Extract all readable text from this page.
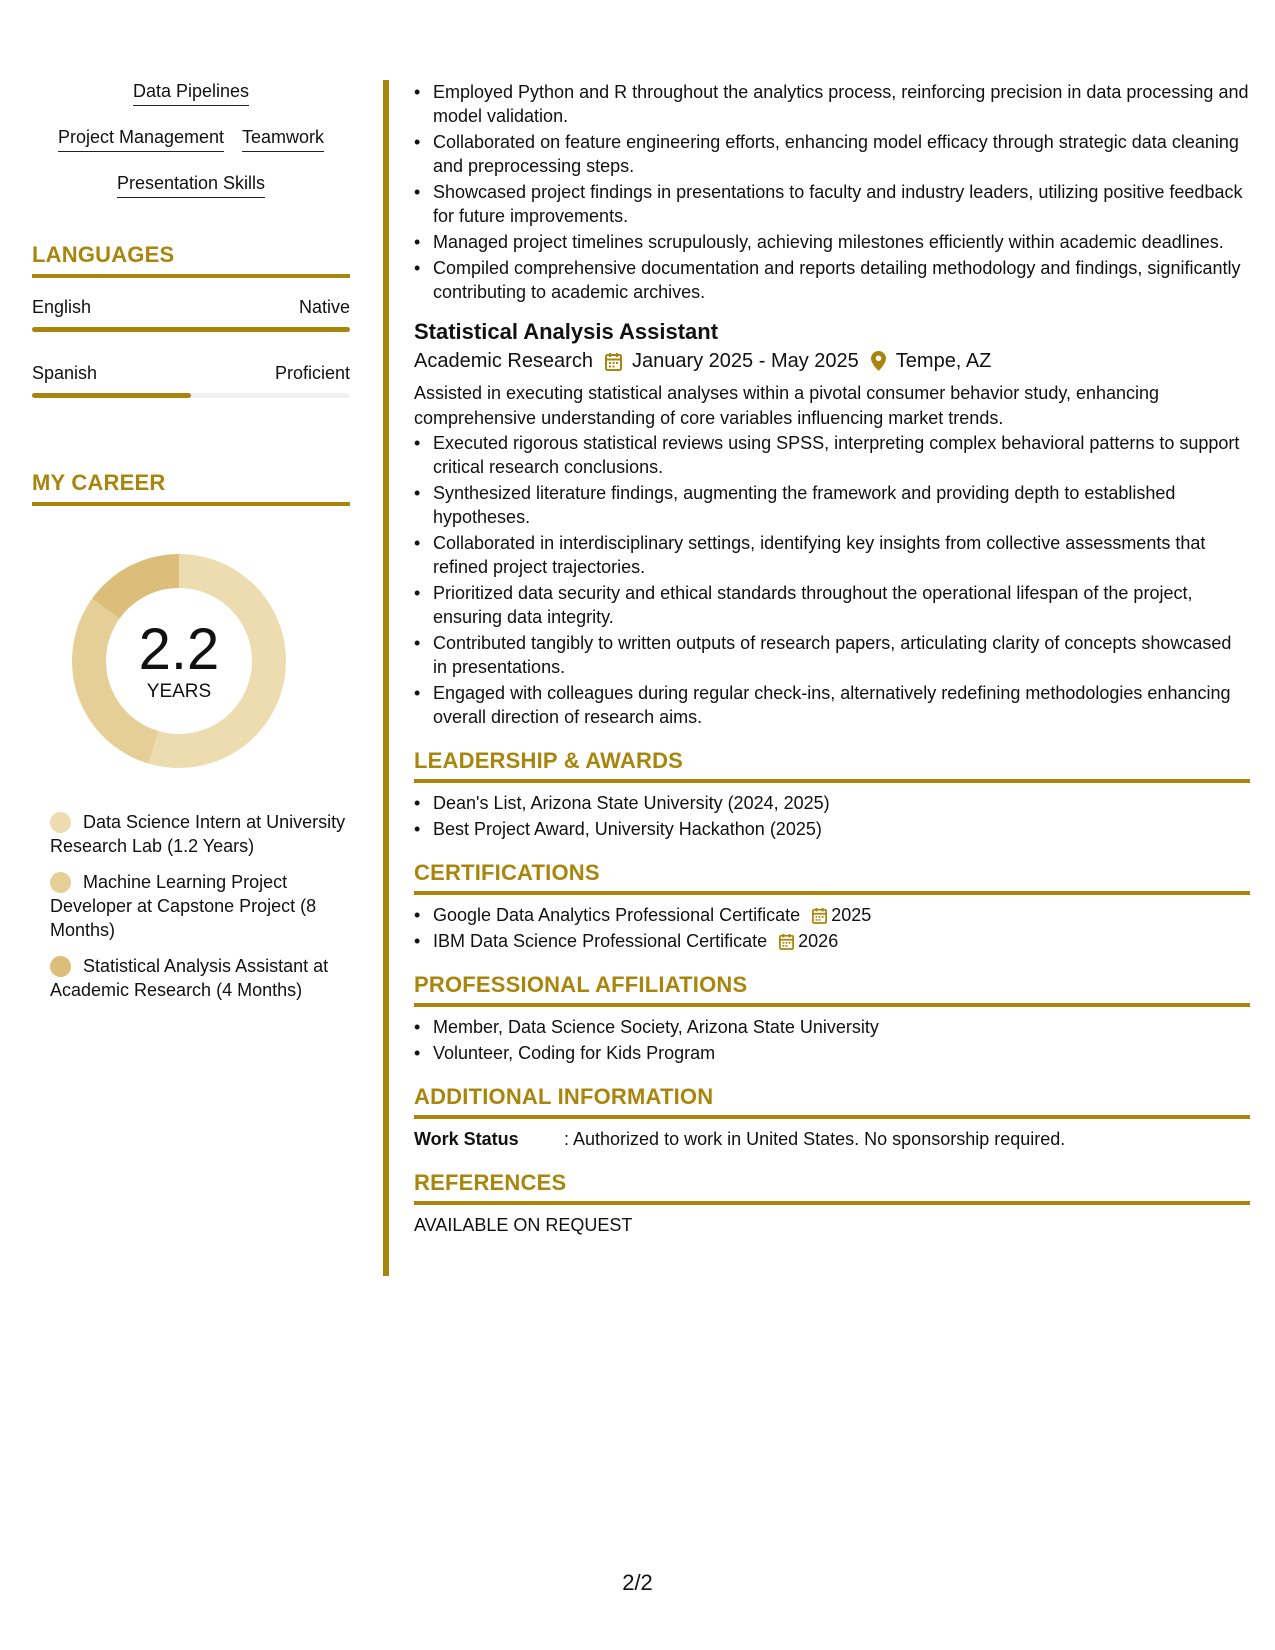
Data Pipelines
Project Management Teamwork
Presentation Skills
LANGUAGES
English	Native
Spanish	Proficient
MY CAREER
2.2
YEARS
Data Science Intern at University Research Lab (1.2 Years)
Machine Learning Project Developer at Capstone Project (8 Months)
Statistical Analysis Assistant at Academic Research (4 Months)
• Employed Python and R throughout the analytics process, reinforcing precision in data processing and model validation.
• Collaborated on feature engineering efforts, enhancing model efficacy through strategic data cleaning and preprocessing steps.
• Showcased project findings in presentations to faculty and industry leaders, utilizing positive feedback for future improvements.
• Managed project timelines scrupulously, achieving milestones efficiently within academic deadlines.
• Compiled comprehensive documentation and reports detailing methodology and findings, significantly contributing to academic archives.
Statistical Analysis Assistant
Academic Research January 2025 - May 2025 Tempe, AZ
Assisted in executing statistical analyses within a pivotal consumer behavior study, enhancing comprehensive understanding of core variables influencing market trends.
• Executed rigorous statistical reviews using SPSS, interpreting complex behavioral patterns to support critical research conclusions.
• Synthesized literature findings, augmenting the framework and providing depth to established hypotheses.
• Collaborated in interdisciplinary settings, identifying key insights from collective assessments that refined project trajectories.
• Prioritized data security and ethical standards throughout the operational lifespan of the project, ensuring data integrity.
• Contributed tangibly to written outputs of research papers, articulating clarity of concepts showcased in presentations.
• Engaged with colleagues during regular check-ins, alternatively redefining methodologies enhancing overall direction of research aims.
LEADERSHIP & AWARDS
• Dean's List, Arizona State University (2024, 2025)
• Best Project Award, University Hackathon (2025)
CERTIFICATIONS
• Google Data Analytics Professional Certificate 2025
• IBM Data Science Professional Certificate 2026
PROFESSIONAL AFFILIATIONS
• Member, Data Science Society, Arizona State University
• Volunteer, Coding for Kids Program
ADDITIONAL INFORMATION
Work Status	: Authorized to work in United States. No sponsorship required.
REFERENCES
AVAILABLE ON REQUEST
2/2
